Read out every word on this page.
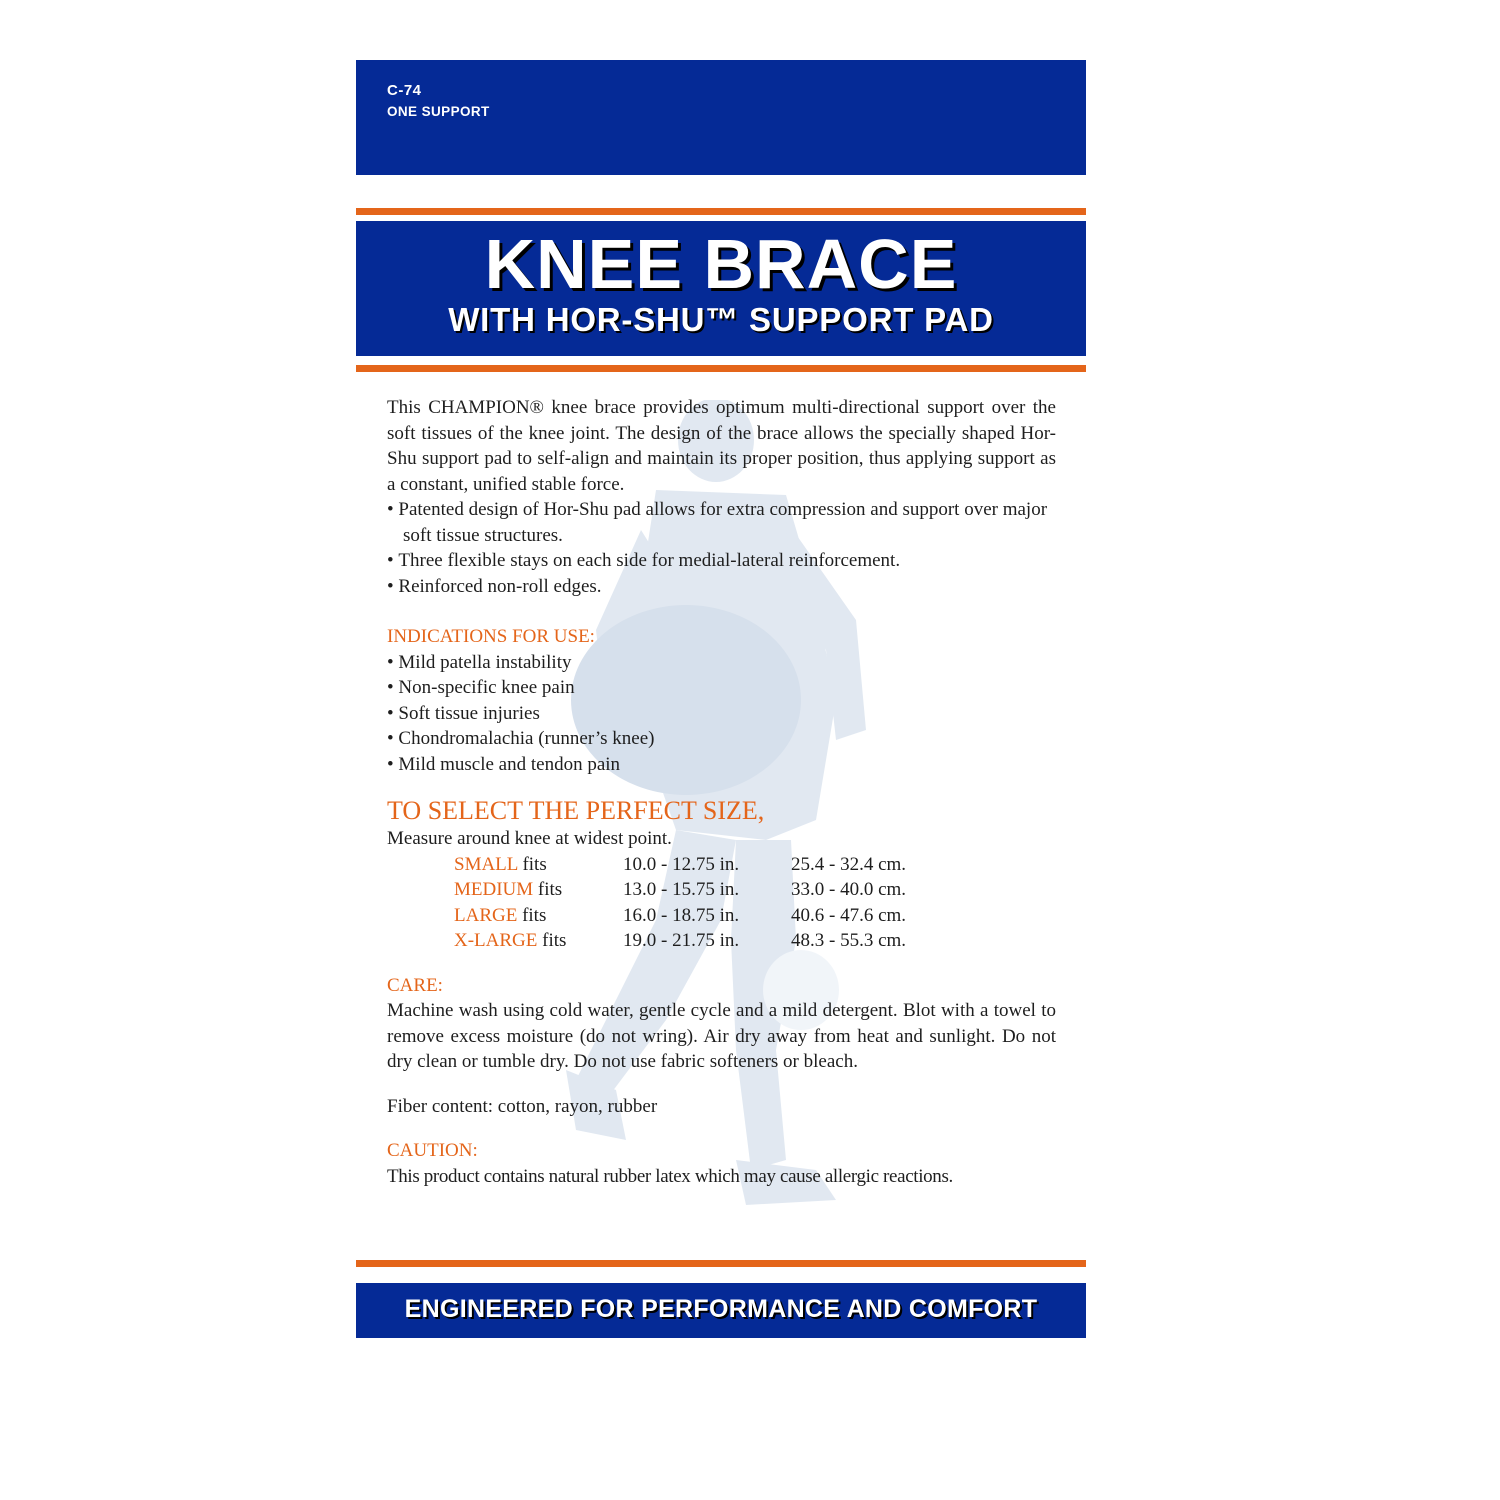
C-74
ONE SUPPORT
KNEE BRACE
WITH HOR-SHU™ SUPPORT PAD

This CHAMPION® knee brace provides optimum multi-directional support over the soft tissues of the knee joint. The design of the brace allows the specially shaped Hor-Shu support pad to self-align and maintain its proper position, thus applying support as a constant, unified stable force.

• Patented design of Hor-Shu pad allows for extra compression and support over major soft tissue structures.
• Three flexible stays on each side for medial-lateral reinforcement.
• Reinforced non-roll edges.
INDICATIONS FOR USE:
• Mild patella instability
• Non-specific knee pain
• Soft tissue injuries
• Chondromalachia (runner’s knee)
• Mild muscle and tendon pain
TO SELECT THE PERFECT SIZE,

Measure around knee at widest point.

SMALL fits	10.0 - 12.75 in.	25.4 - 32.4 cm.
MEDIUM fits	13.0 - 15.75 in.	33.0 - 40.0 cm.
LARGE fits	16.0 - 18.75 in.	40.6 - 47.6 cm.
X-LARGE fits	19.0 - 21.75 in.	48.3 - 55.3 cm.
CARE:

Machine wash using cold water, gentle cycle and a mild detergent. Blot with a towel to remove excess moisture (do not wring). Air dry away from heat and sunlight. Do not dry clean or tumble dry. Do not use fabric softeners or bleach.

Fiber content: cotton, rayon, rubber

CAUTION:

This product contains natural rubber latex which may cause allergic reactions.

ENGINEERED FOR PERFORMANCE AND COMFORT
